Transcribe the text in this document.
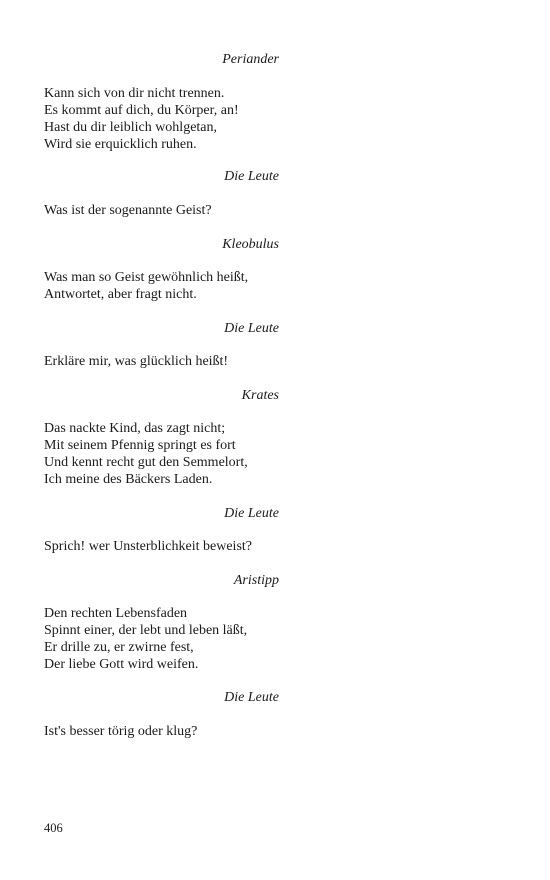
Periander
Kann sich von dir nicht trennen.
Es kommt auf dich, du Körper, an!
Hast du dir leiblich wohlgetan,
Wird sie erquicklich ruhen.
Die Leute
Was ist der sogenannte Geist?
Kleobulus
Was man so Geist gewöhnlich heißt,
Antwortet, aber fragt nicht.
Die Leute
Erkläre mir, was glücklich heißt!
Krates
Das nackte Kind, das zagt nicht;
Mit seinem Pfennig springt es fort
Und kennt recht gut den Semmelort,
Ich meine des Bäckers Laden.
Die Leute
Sprich! wer Unsterblichkeit beweist?
Aristipp
Den rechten Lebensfaden
Spinnt einer, der lebt und leben läßt,
Er drille zu, er zwirne fest,
Der liebe Gott wird weifen.
Die Leute
Ist's besser törig oder klug?
406
